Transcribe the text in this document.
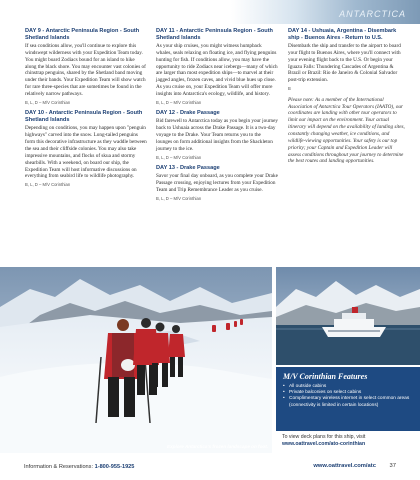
ANTARCTICA
DAY 9 - Antarctic Peninsula Region - South Shetland Islands
If sea conditions allow, you'll continue to explore this windswept wilderness with your Expedition Team today. You might board Zodiacs bound for an island to hike along the black shore. You may encounter vast colonies of chinstrap penguins, shared by the Shetland band moving under their bands. Your Expedition Team will show watch for rare three-species that are sometimes be found in the relatively narrow pathways.
B, L, D – M/V Corinthian
DAY 10 - Antarctic Peninsula Region - South Shetland Islands
Depending on conditions, you may happen upon "penguin highways" carved into the snow. Long-tailed penguins form this decorative infrastructure as they waddle between the sea and their cliffside colonies. You may also take impressive mountains, and flocks of skua and stormy shearbills. With a weekend, on board our ship, the Expedition Team will host informative discussions on everything from seabird life to wildlife photography.
B, L, D – M/V Corinthian
DAY 11 - Antarctic Peninsula Region - South Shetland Islands
As your ship cruises, you might witness humpback whales, seals relaxing on floating ice, and flying penguins hunting for fish. If conditions allow, you may have the opportunity to ride Zodiacs near icebergs—many of which are larger than most expedition ships—to marvel at their jagged angles, frozen caves, and vivid blue hues up close. As you cruise on, your Expedition Team will offer more insights into Antarctica's ecology, wildlife, and history.
B, L, D – M/V Corinthian
DAY 12 - Drake Passage
Bid farewell to Antarctica today as you begin your journey back to Ushuaia across the Drake Passage. It is a two-day voyage to the Drake. Your Team returns you to the lounges on form additional insights from the Shackleton journey to the ice.
B, L, D – M/V Corinthian
DAY 13 - Drake Passage
Savor your final day onboard, as you complete your Drake Passage crossing, enjoying lectures from your Expedition Team and Trip Remembrance Leader as you cruise.
B, L, D – M/V Corinthian
DAY 14 - Ushuaia, Argentina - Disembark ship - Buenos Aires - Return to U.S.
Disembark the ship and transfer to the airport to board your flight to Buenos Aires, where you'll connect with your evening flight back to the U.S. Or begin your Iguazu Falls: Thundering Cascades of Argentina & Brazil or Brazil: Rio de Janeiro & Colonial Salvador post-trip extension.
B
Please note: As a member of the International Association of Antarctica Tour Operators (IAATO), our coordinates are landing with other tour operators to limit our impact on the environment. Your actual itinerary will depend on the availability of landing sites, constantly changing weather, ice conditions, and wildlife-viewing opportunities. Your safety is our top priority; your Captain and Expedition Leader will assess conditions throughout your journey to determine the best routes and landing opportunities.
Explore Antarctica's frozen landscape on foot.
M/V Corinthian Features
• All outside cabins
• Private balconies on select cabins
• Complimentary wireless internet in select common areas (connectivity is limited in certain locations)
To view deck plans for this ship, visit
www.oattravel.com/ato-corinthian
Information & Reservations: 1-800-955-1925	www.oattravel.com/atc 37
